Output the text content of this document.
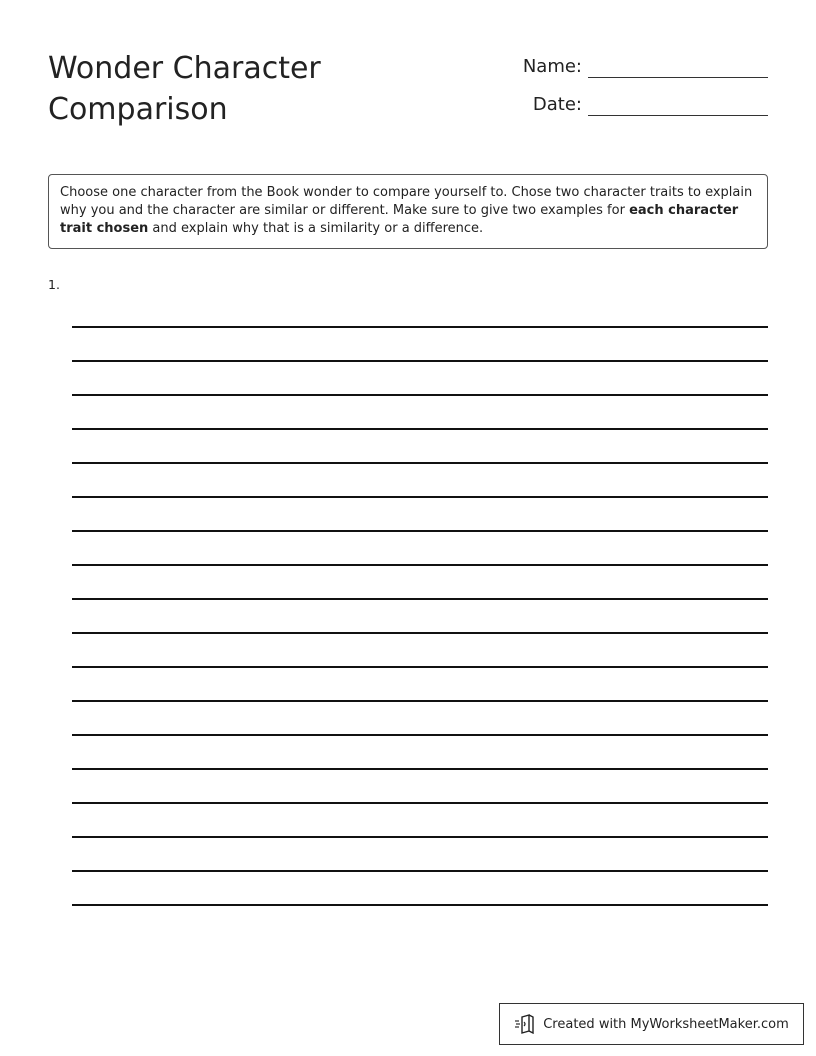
Wonder Character Comparison
Name:
Date:
Choose one character from the Book wonder to compare yourself to. Chose two character traits to explain why you and the character are similar or different. Make sure to give two examples for each character trait chosen and explain why that is a similarity or a difference.
1.
Created with MyWorksheetMaker.com
